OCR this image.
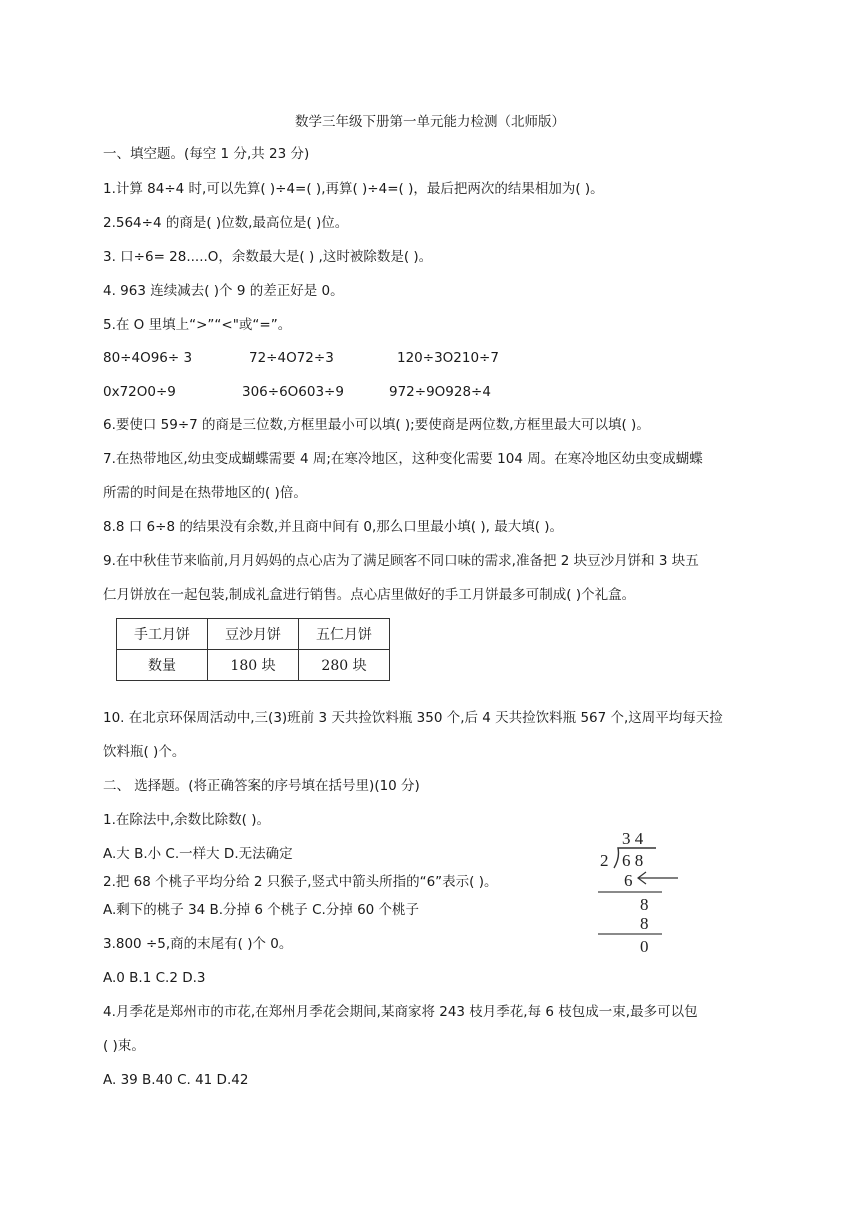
数学三年级下册第一单元能力检测（北师版）
一、填空题。(每空 1 分,共 23 分)
1.计算 84÷4 时,可以先算( )÷4=( ),再算( )÷4=( )，最后把两次的结果相加为( )。
2.564÷4 的商是( )位数,最高位是( )位。
3. 口÷6= 28.....O，余数最大是( ) ,这时被除数是( )。
4. 963 连续减去( )个 9 的差正好是 0。
5.在 O 里填上“>”“<"或“=”。
80÷4O96÷ 3	72÷4O72÷3	120÷3O210÷7
0x72O0÷9	306÷6O603÷9	972÷9O928÷4
6.要使口 59÷7 的商是三位数,方框里最小可以填( );要使商是两位数,方框里最大可以填( )。
7.在热带地区,幼虫变成蝴蝶需要 4 周;在寒冷地区，这种变化需要 104 周。在寒冷地区幼虫变成蝴蝶
所需的时间是在热带地区的( )倍。
8.8 口 6÷8 的结果没有余数,并且商中间有 0,那么口里最小填( ), 最大填( )。
9.在中秋佳节来临前,月月妈妈的点心店为了满足顾客不同口味的需求,准备把 2 块豆沙月饼和 3 块五
仁月饼放在一起包装,制成礼盒进行销售。点心店里做好的手工月饼最多可制成( )个礼盒。
手工月饼	豆沙月饼	五仁月饼
数量	180 块	280 块
10. 在北京环保周活动中,三(3)班前 3 天共捡饮料瓶 350 个,后 4 天共捡饮料瓶 567 个,这周平均每天捡
饮料瓶( )个。
二、 选择题。(将正确答案的序号填在括号里)(10 分)
1.在除法中,余数比除数( )。
A.大 B.小 C.一样大 D.无法确定
2.把 68 个桃子平均分给 2 只猴子,竖式中箭头所指的“6”表示( )。
A.剩下的桃子 34 B.分掉 6 个桃子 C.分掉 60 个桃子
3.800 ÷5,商的末尾有( )个 0。
A.0 B.1 C.2 D.3
4.月季花是郑州市的市花,在郑州月季花会期间,某商家将 243 枝月季花,每 6 枝包成一束,最多可以包
( )束。
A. 39 B.40 C. 41 D.42
3 4
2 6 8
6
8
8
0
